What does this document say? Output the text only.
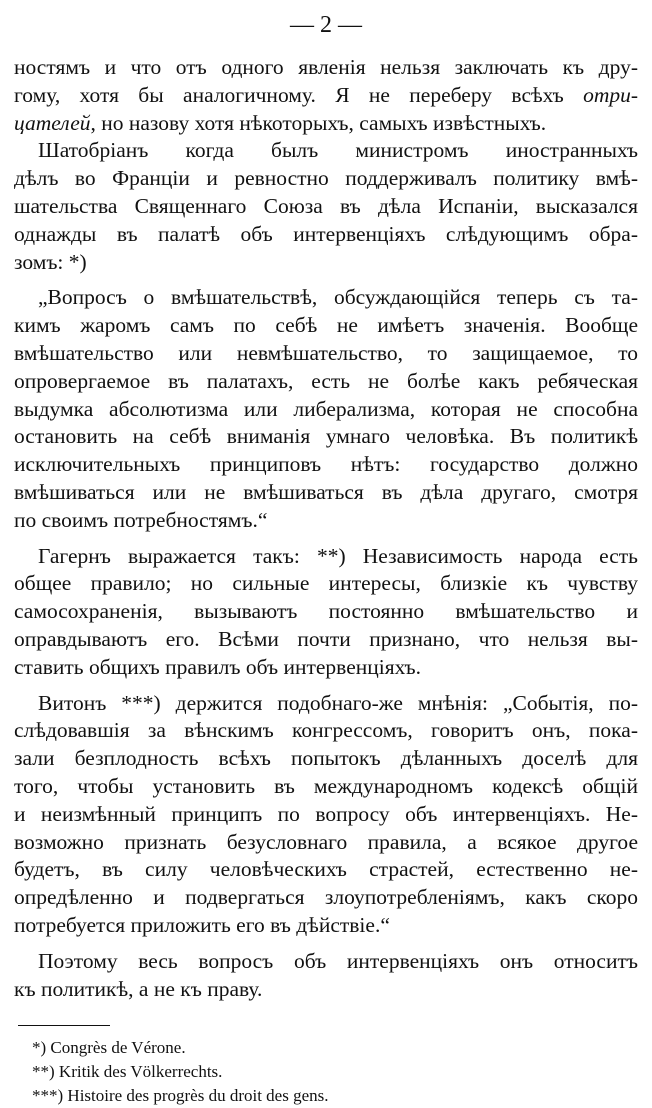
— 2 —

ностямъ и что отъ одного явленія нельзя заключать къ дру-
гому, хотя бы аналогичному. Я не переберу всѣхъ отри-
цателей, но назову хотя нѣкоторыхъ, самыхъ извѣстныхъ.

Шатобріанъ когда былъ министромъ иностранныхъ
дѣлъ во Франціи и ревностно поддерживалъ политику вмѣ-
шательства Священнаго Союза въ дѣла Испаніи, высказался
однажды въ палатѣ объ интервенціяхъ слѣдующимъ обра-
зомъ: *)

„Вопросъ о вмѣшательствѣ, обсуждающійся теперь съ та-
кимъ жаромъ самъ по себѣ не имѣетъ значенія. Вообще
вмѣшательство или невмѣшательство, то защищаемое, то
опровергаемое въ палатахъ, есть не болѣе какъ ребяческая
выдумка абсолютизма или либерализма, которая не способна
остановить на себѣ вниманія умнаго человѣка. Въ политикѣ
исключительныхъ принциповъ нѣтъ: государство должно
вмѣшиваться или не вмѣшиваться въ дѣла другаго, смотря
по своимъ потребностямъ.“

Гагернъ выражается такъ: **) Независимость народа есть
общее правило; но сильные интересы, близкіе къ чувству
самосохраненія, вызываютъ постоянно вмѣшательство и
оправдываютъ его. Всѣми почти признано, что нельзя вы-
ставить общихъ правилъ объ интервенціяхъ.

Витонъ ***) держится подобнаго-же мнѣнія: „Событія, по-
слѣдовавшія за вѣнскимъ конгрессомъ, говоритъ онъ, пока-
зали безплодность всѣхъ попытокъ дѣланныхъ доселѣ для
того, чтобы установить въ международномъ кодексѣ общій
и неизмѣнный принципъ по вопросу объ интервенціяхъ. Не-
возможно признать безусловнаго правила, а всякое другое
будетъ, въ силу человѣческихъ страстей, естественно не-
опредѣленно и подвергаться злоупотребленіямъ, какъ скоро
потребуется приложить его въ дѣйствіе.“

Поэтому весь вопросъ объ интервенціяхъ онъ относитъ
къ политикѣ, а не къ праву.

*) Congrès de Vérone.
**) Kritik des Völkerrechts.
***) Histoire des progrès du droit des gens.
